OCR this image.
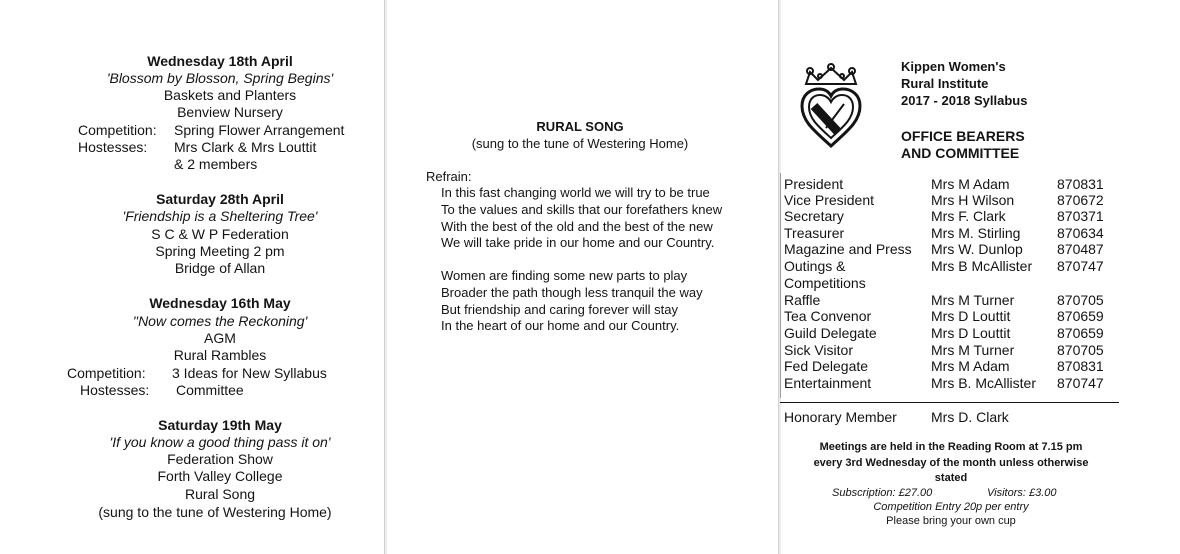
Wednesday 18th April
'Blossom by Blosson, Spring Begins'
Baskets and Planters
Benview Nursery
Competition: Spring Flower Arrangement
Hostesses: Mrs Clark & Mrs Louttit
& 2 members
Saturday 28th April
'Friendship is a Sheltering Tree'
S C & W P Federation
Spring Meeting 2 pm
Bridge of Allan
Wednesday 16th May
''Now comes the Reckoning'
AGM
Rural Rambles
Competition: 3 Ideas for New Syllabus
Hostesses: Committee
Saturday 19th May
'If you know a good thing pass it on'
Federation Show
Forth Valley College
Rural Song
(sung to the tune of Westering Home)
RURAL SONG
(sung to the tune of Westering Home)
Refrain:
In this fast changing world we will try to be true
To the values and skills that our forefathers knew
With the best of the old and the best of the new
We will take pride in our home and our Country.
Women are finding some new parts to play
Broader the path though less tranquil the way
But friendship and caring forever will stay
In the heart of our home and our Country.
Kippen Women's
Rural Institute
2017 - 2018 Syllabus
OFFICE BEARERS
AND COMMITTEE
President	Mrs M Adam	870831
Vice President	Mrs H Wilson	870672
Secretary	Mrs F. Clark	870371
Treasurer	Mrs M. Stirling	870634
Magazine and Press	Mrs W. Dunlop 870487
Outings &	Mrs B McAllister 870747
Competitions
Raffle	Mrs M Turner	870705
Tea Convenor	Mrs D Louttit	870659
Guild Delegate	Mrs D Louttit	870659
Sick Visitor	Mrs M Turner	870705
Fed Delegate	Mrs M Adam	870831
Entertainment	Mrs B. McAllister 870747
Honorary Member Mrs D. Clark
Meetings are held in the Reading Room at 7.15 pm
every 3rd Wednesday of the month unless otherwise
stated
Subscription: £27.00	Visitors: £3.00
Competition Entry 20p per entry
Please bring your own cup
